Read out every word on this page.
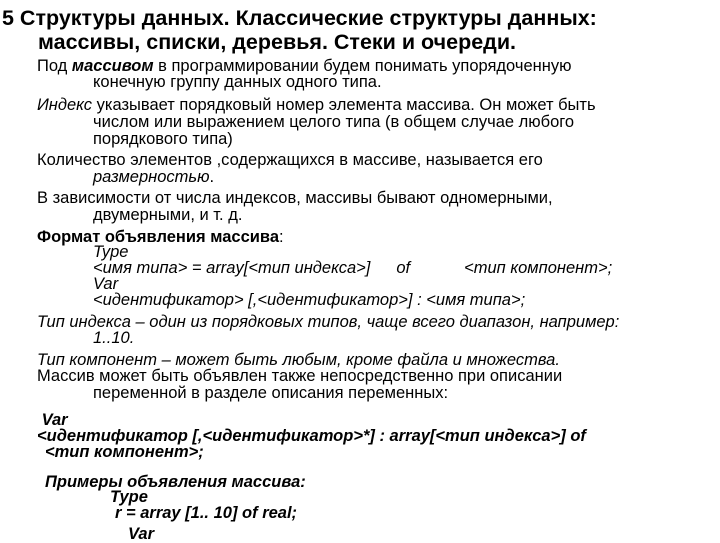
5 Структуры данных. Классические структуры данных:
массивы, списки, деревья. Стеки и очереди.
Под массивом в программировании будем понимать упорядоченную
конечную группу данных одного типа.
Индекс указывает порядковый номер элемента массива. Он может быть
числом или выражением целого типа (в общем случае любого
порядкового типа)
Количество элементов ,содержащихся в массиве, называется его
размерностью.
В зависимости от числа индексов, массивы бывают одномерными,
двумерными, и т. д.
Формат объявления массива:
Type
<имя типа> = array[<тип индекса>] of	<тип компонент>;
Var
<идентификатор> [,<идентификатор>] : <имя типа>;
Тип индекса – один из порядковых типов, чаще всего диапазон, например:
1..10.
Тип компонент – может быть любым, кроме файла и множества.
Массив может быть объявлен также непосредственно при описании
переменной в разделе описания переменных:
Var
<идентификатор [,<идентификатор>*] : array[<тип индекса>] of
<тип компонент>;
Примеры объявления массива:
Type
r = array [1.. 10] of real;
Var
